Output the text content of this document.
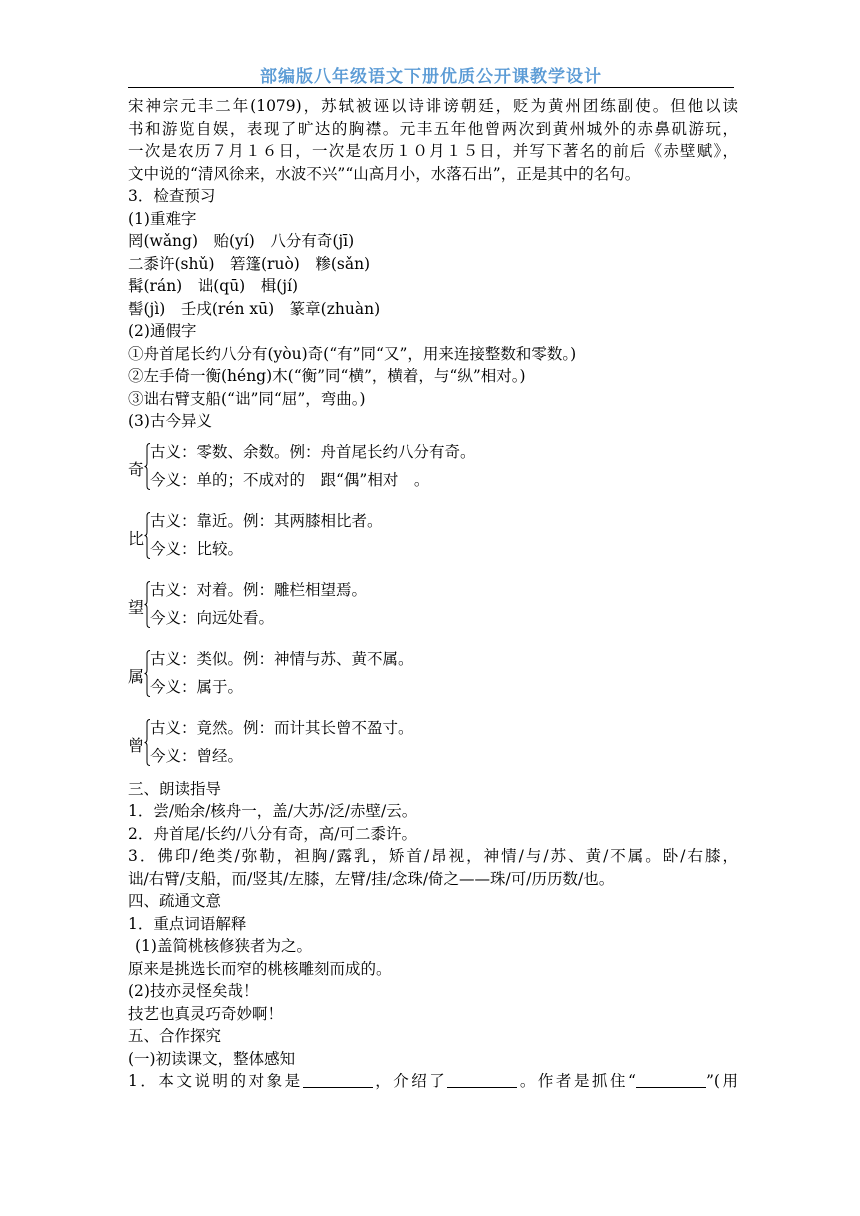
部编版八年级语文下册优质公开课教学设计
宋神宗元丰二年(1079)，苏轼被诬以诗诽谤朝廷，贬为黄州团练副使。但他以读
书和游览自娱，表现了旷达的胸襟。元丰五年他曾两次到黄州城外的赤鼻矶游玩，
一次是农历７月１６日，一次是农历１０月１５日，并写下著名的前后《赤壁赋》，
文中说的“清风徐来，水波不兴”“山高月小，水落石出”，正是其中的名句。
3．检查预习
(1)重难字
罔(wǎng)　贻(yí)　八分有奇(jī)
二黍许(shǔ)　箬篷(ruò)　糁(sǎn)
髯(rán)　诎(qū)　楫(jí)
髻(jì)　壬戌(rén xū)　篆章(zhuàn)
(2)通假字
①舟首尾长约八分有(yòu)奇(“有”同“又”，用来连接整数和零数。)
②左手倚一衡(héng)木(“衡”同“横”，横着，与“纵”相对。)
③诎右臂支船(“诎”同“屈”，弯曲。)
(3)古今异义
奇
古义：零数、余数。例：舟首尾长约八分有奇。
今义：单的；不成对的　跟“偶”相对　。
比
古义：靠近。例：其两膝相比者。
今义：比较。
望
古义：对着。例：雕栏相望焉。
今义：向远处看。
属
古义：类似。例：神情与苏、黄不属。
今义：属于。
曾
古义：竟然。例：而计其长曾不盈寸。
今义：曾经。
三、朗读指导
1．尝/贻余/核舟一，盖/大苏/泛/赤壁/云。
2．舟首尾/长约/八分有奇，高/可二黍许。
3．佛印/绝类/弥勒，袒胸/露乳，矫首/昂视，神情/与/苏、黄/不属。卧/右膝，
诎/右臂/支船，而/竖其/左膝，左臂/挂/念珠/倚之——珠/可/历历数/也。
四、疏通文意
1．重点词语解释
(1)盖简桃核修狭者为之。
原来是挑选长而窄的桃核雕刻而成的。
(2)技亦灵怪矣哉！
技艺也真灵巧奇妙啊！
五、合作探究
(一)初读课文，整体感知
1．本文说明的对象是	，介绍了	。作者是抓住“	”(用
